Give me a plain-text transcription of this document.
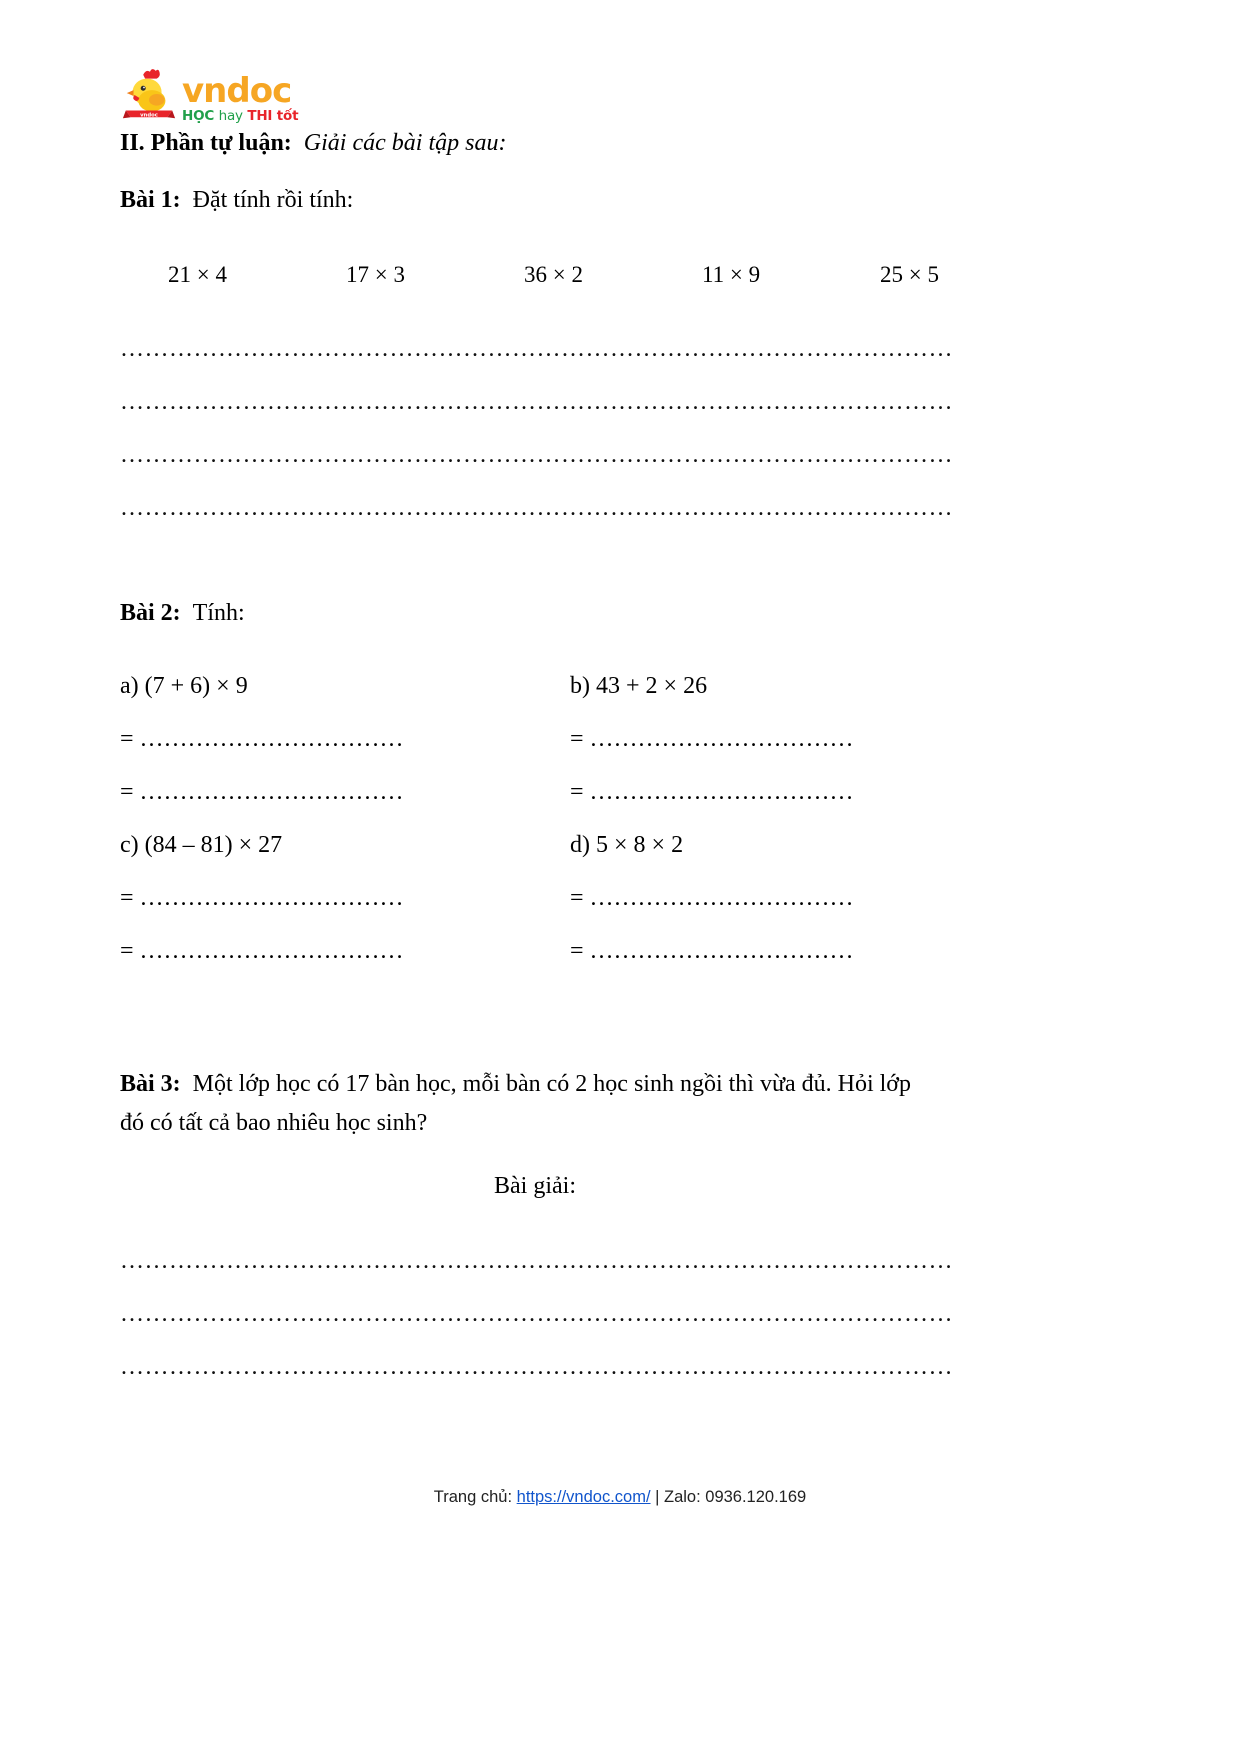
vndoc
vndoc
HỌC hay THI tốt

II. Phần tự luận: Giải các bài tập sau:

Bài 1: Đặt tính rồi tính:

21 × 4	17 × 3	36 × 2	11 × 9	25 × 5
…………………………………………………………………………………………
…………………………………………………………………………………………
…………………………………………………………………………………………
…………………………………………………………………………………………

Bài 2: Tính:

a) (7 + 6) × 9	b) 43 + 2 × 26
= ……………………………	= ……………………………
= ……………………………	= ……………………………
c) (84 – 81) × 27	d) 5 × 8 × 2
= ……………………………	= ……………………………
= ……………………………	= ……………………………

Bài 3: Một lớp học có 17 bàn học, mỗi bàn có 2 học sinh ngồi thì vừa đủ. Hỏi lớp

đó có tất cả bao nhiêu học sinh?

Bài giải:
…………………………………………………………………………………………
…………………………………………………………………………………………
…………………………………………………………………………………………
Trang chủ: https://vndoc.com/ | Zalo: 0936.120.169
